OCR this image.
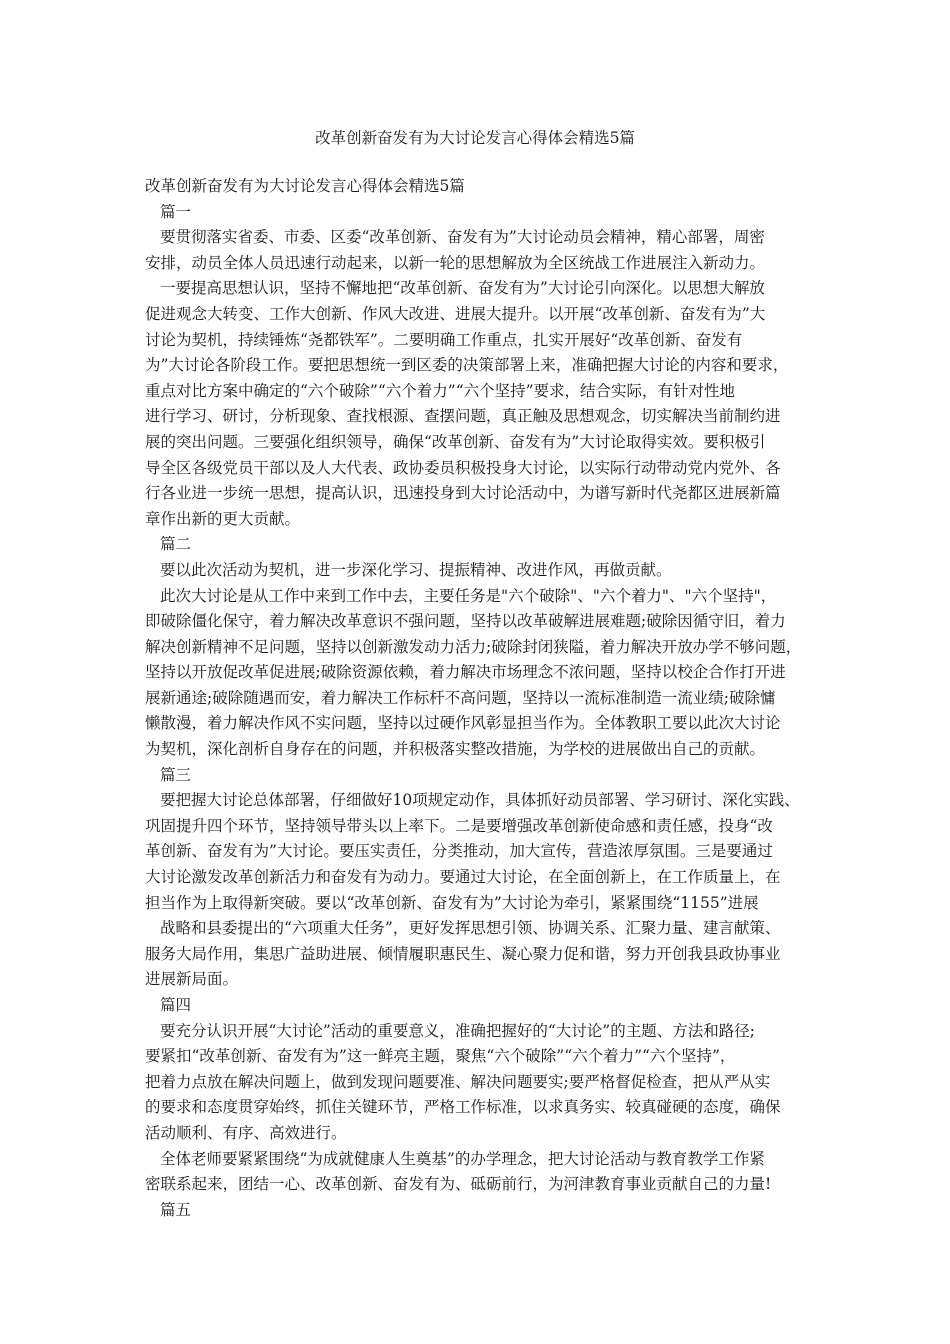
改革创新奋发有为大讨论发言心得体会精选5篇
改革创新奋发有为大讨论发言心得体会精选5篇
篇一
要贯彻落实省委、市委、区委“改革创新、奋发有为”大讨论动员会精神，精心部署，周密
安排，动员全体人员迅速行动起来，以新一轮的思想解放为全区统战工作进展注入新动力。
一要提高思想认识，坚持不懈地把“改革创新、奋发有为”大讨论引向深化。以思想大解放
促进观念大转变、工作大创新、作风大改进、进展大提升。以开展“改革创新、奋发有为”大
讨论为契机，持续锤炼“尧都铁军”。二要明确工作重点，扎实开展好“改革创新、奋发有
为”大讨论各阶段工作。要把思想统一到区委的决策部署上来，准确把握大讨论的内容和要求，
重点对比方案中确定的“六个破除”“六个着力”“六个坚持”要求，结合实际，有针对性地
进行学习、研讨，分析现象、查找根源、查摆问题，真正触及思想观念，切实解决当前制约进
展的突出问题。三要强化组织领导，确保“改革创新、奋发有为”大讨论取得实效。要积极引
导全区各级党员干部以及人大代表、政协委员积极投身大讨论，以实际行动带动党内党外、各
行各业进一步统一思想，提高认识，迅速投身到大讨论活动中，为谱写新时代尧都区进展新篇
章作出新的更大贡献。
篇二
要以此次活动为契机，进一步深化学习、提振精神、改进作风，再做贡献。
此次大讨论是从工作中来到工作中去，主要任务是"六个破除"、"六个着力"、"六个坚持"，
即破除僵化保守，着力解决改革意识不强问题，坚持以改革破解进展难题;破除因循守旧，着力
解决创新精神不足问题，坚持以创新激发动力活力;破除封闭狭隘，着力解决开放办学不够问题，
坚持以开放促改革促进展;破除资源依赖，着力解决市场理念不浓问题，坚持以校企合作打开进
展新通途;破除随遇而安，着力解决工作标杆不高问题，坚持以一流标准制造一流业绩;破除慵
懒散漫，着力解决作风不实问题，坚持以过硬作风彰显担当作为。全体教职工要以此次大讨论
为契机，深化剖析自身存在的问题，并积极落实整改措施，为学校的进展做出自己的贡献。
篇三
要把握大讨论总体部署，仔细做好10项规定动作，具体抓好动员部署、学习研讨、深化实践、
巩固提升四个环节，坚持领导带头以上率下。二是要增强改革创新使命感和责任感，投身“改
革创新、奋发有为”大讨论。要压实责任，分类推动，加大宣传，营造浓厚氛围。三是要通过
大讨论激发改革创新活力和奋发有为动力。要通过大讨论，在全面创新上，在工作质量上，在
担当作为上取得新突破。要以“改革创新、奋发有为”大讨论为牵引，紧紧围绕“1155”进展
战略和县委提出的“六项重大任务”，更好发挥思想引领、协调关系、汇聚力量、建言献策、
服务大局作用，集思广益助进展、倾情履职惠民生、凝心聚力促和谐，努力开创我县政协事业
进展新局面。
篇四
要充分认识开展“大讨论”活动的重要意义，准确把握好的“大讨论”的主题、方法和路径;
要紧扣“改革创新、奋发有为”这一鲜亮主题，聚焦“六个破除”“六个着力”“六个坚持”，
把着力点放在解决问题上，做到发现问题要准、解决问题要实;要严格督促检查，把从严从实
的要求和态度贯穿始终，抓住关键环节，严格工作标准，以求真务实、较真碰硬的态度，确保
活动顺利、有序、高效进行。
全体老师要紧紧围绕“为成就健康人生奠基”的办学理念，把大讨论活动与教育教学工作紧
密联系起来，团结一心、改革创新、奋发有为、砥砺前行，为河津教育事业贡献自己的力量!
篇五
